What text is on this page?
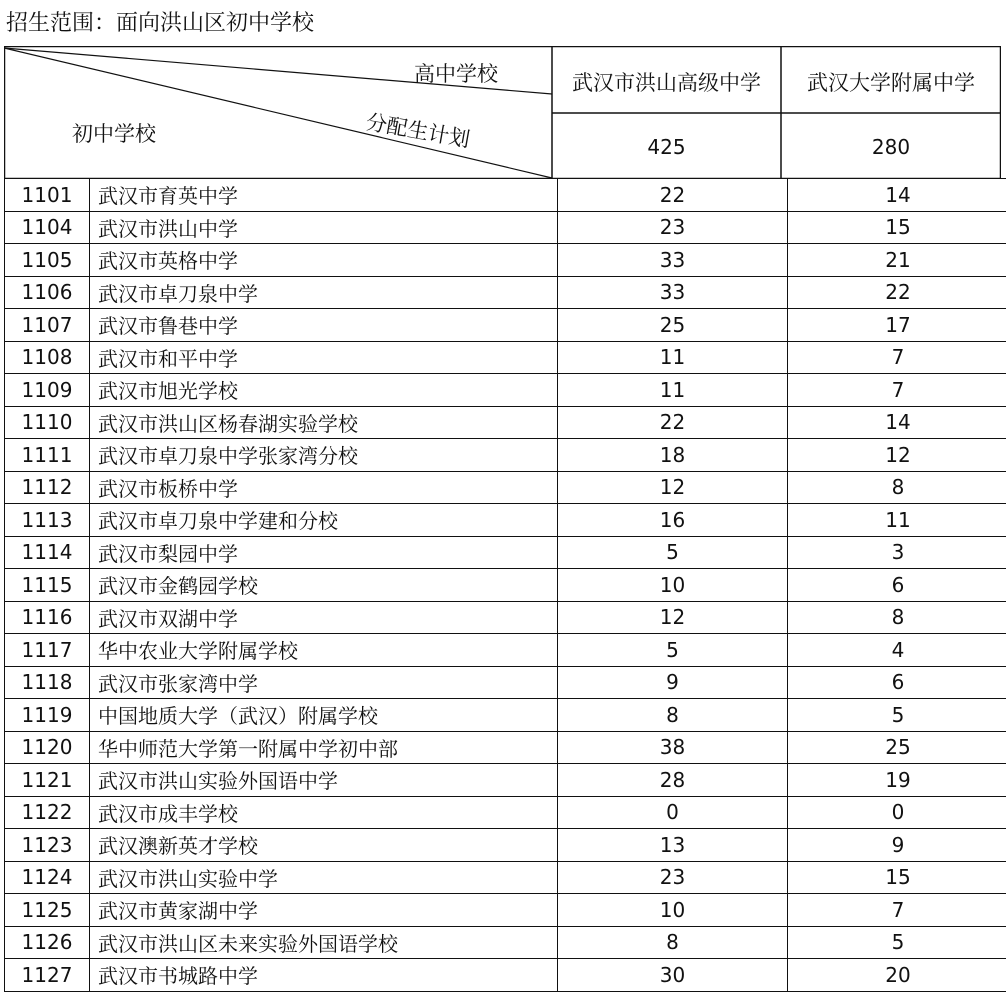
招生范围：面向洪山区初中学校
高中学校
分配生计划
初中学校
武汉市洪山高级中学	武汉大学附属中学
425	280
1101	武汉市育英中学	22	14
1104	武汉市洪山中学	23	15
1105	武汉市英格中学	33	21
1106	武汉市卓刀泉中学	33	22
1107	武汉市鲁巷中学	25	17
1108	武汉市和平中学	11	7
1109	武汉市旭光学校	11	7
1110	武汉市洪山区杨春湖实验学校	22	14
1111	武汉市卓刀泉中学张家湾分校	18	12
1112	武汉市板桥中学	12	8
1113	武汉市卓刀泉中学建和分校	16	11
1114	武汉市梨园中学	5	3
1115	武汉市金鹤园学校	10	6
1116	武汉市双湖中学	12	8
1117	华中农业大学附属学校	5	4
1118	武汉市张家湾中学	9	6
1119	中国地质大学（武汉）附属学校	8	5
1120	华中师范大学第一附属中学初中部	38	25
1121	武汉市洪山实验外国语中学	28	19
1122	武汉市成丰学校	0	0
1123	武汉澳新英才学校	13	9
1124	武汉市洪山实验中学	23	15
1125	武汉市黄家湖中学	10	7
1126	武汉市洪山区未来实验外国语学校	8	5
1127	武汉市书城路中学	30	20
